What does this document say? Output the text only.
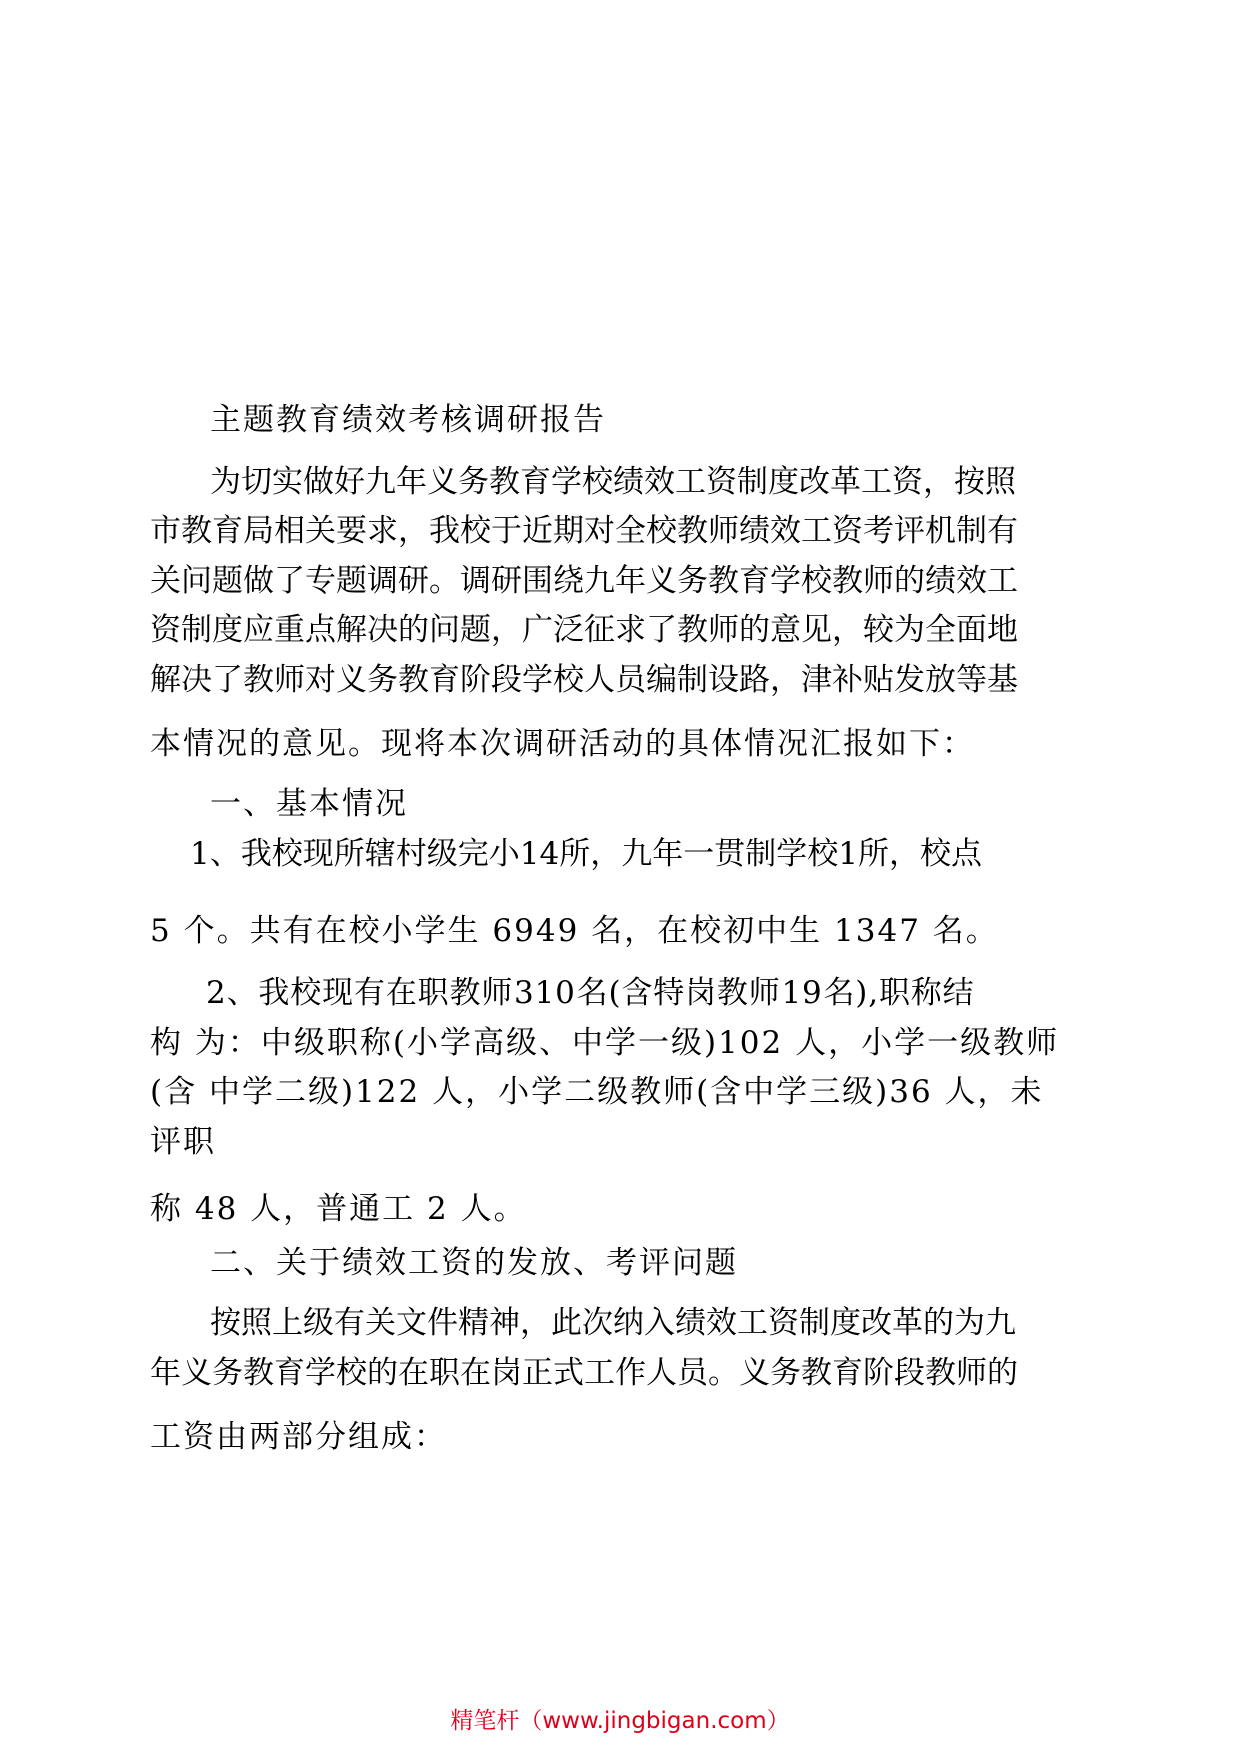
主题教育绩效考核调研报告
为 切 实 做 好 九 年 义 务 教 育 学 校 绩 效 工 资 制 度 改 革 工 资 ， 按 照
市 教 育 局 相 关 要 求 ， 我 校 于 近 期 对 全 校 教 师 绩 效 工 资 考 评 机 制 有
关 问 题 做 了 专 题 调 研 。 调 研 围 绕 九 年 义 务 教 育 学 校 教 师 的 绩 效 工
资 制 度 应 重 点 解 决 的 问 题 ， 广 泛 征 求 了 教 师 的 意 见 ， 较 为 全 面 地
解 决 了 教 师 对 义 务 教 育 阶 段 学 校 人 员 编 制 设 路 ， 津 补 贴 发 放 等 基
本情况的意见。现将本次调研活动的具体情况汇报如下：
一、基本情况
1 、 我 校 现 所 辖 村 级 完 小 1 4 所 ， 九 年 一 贯 制 学 校 1 所 ， 校 点
5 个。共有在校小学生 6949 名，在校初中生 1347 名。
2 、 我 校 现 有 在 职 教 师 3 1 0 名 ( 含 特 岗 教 师 1 9 名 ) , 职 称 结
构 为：中级职称(小学高级、中学一级)102 人，小学一级教师
(含 中学二级)122 人，小学二级教师(含中学三级)36 人，未
评职
称 48 人，普通工 2 人。
二、关于绩效工资的发放、考评问题
按 照 上 级 有 关 文 件 精 神 ， 此 次 纳 入 绩 效 工 资 制 度 改 革 的 为 九
年 义 务 教 育 学 校 的 在 职 在 岗 正 式 工 作 人 员 。 义 务 教 育 阶 段 教 师 的
工资由两部分组成：
精笔杆（www.jingbigan.com）
